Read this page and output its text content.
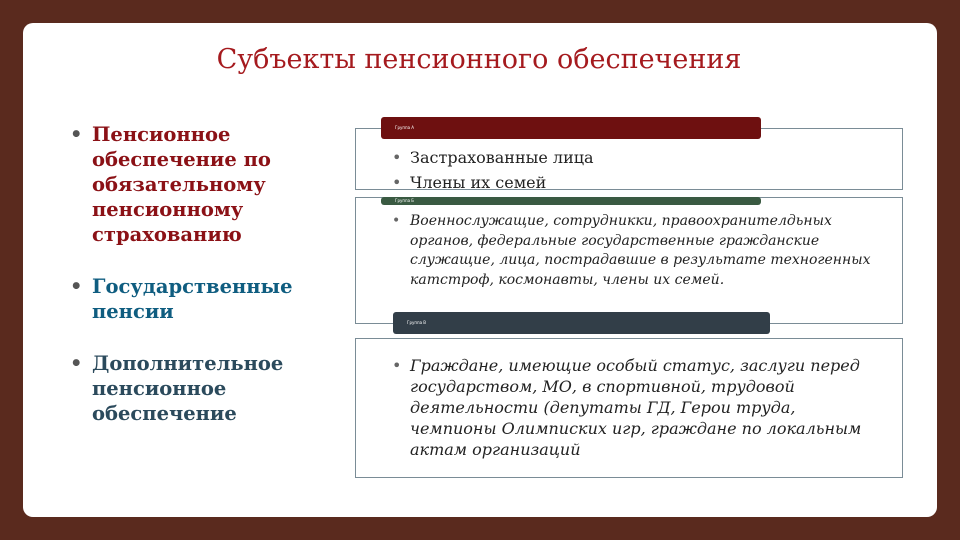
Субъекты пенсионного обеспечения
• Пенсионное обеспечение по обязательному пенсионному страхованию
• Государственные пенсии
• Дополнительное пенсионное обеспечение
Группа А
Группа Б
Группа В
• Застрахованные лица
• Члены их семей
• Военнослужащие, сотрудникки, правоохранителдьных органов, федеральные государственные гражданские служащие, лица, пострадавшие в результате техногенных катстроф, космонавты, члены их семей.
• Граждане, имеющие особый статус, заслуги перед государством, МО, в спортивной, трудовой деятельности (депутаты ГД, Герои труда, чемпионы Олимписких игр, граждане по локальным актам организаций
